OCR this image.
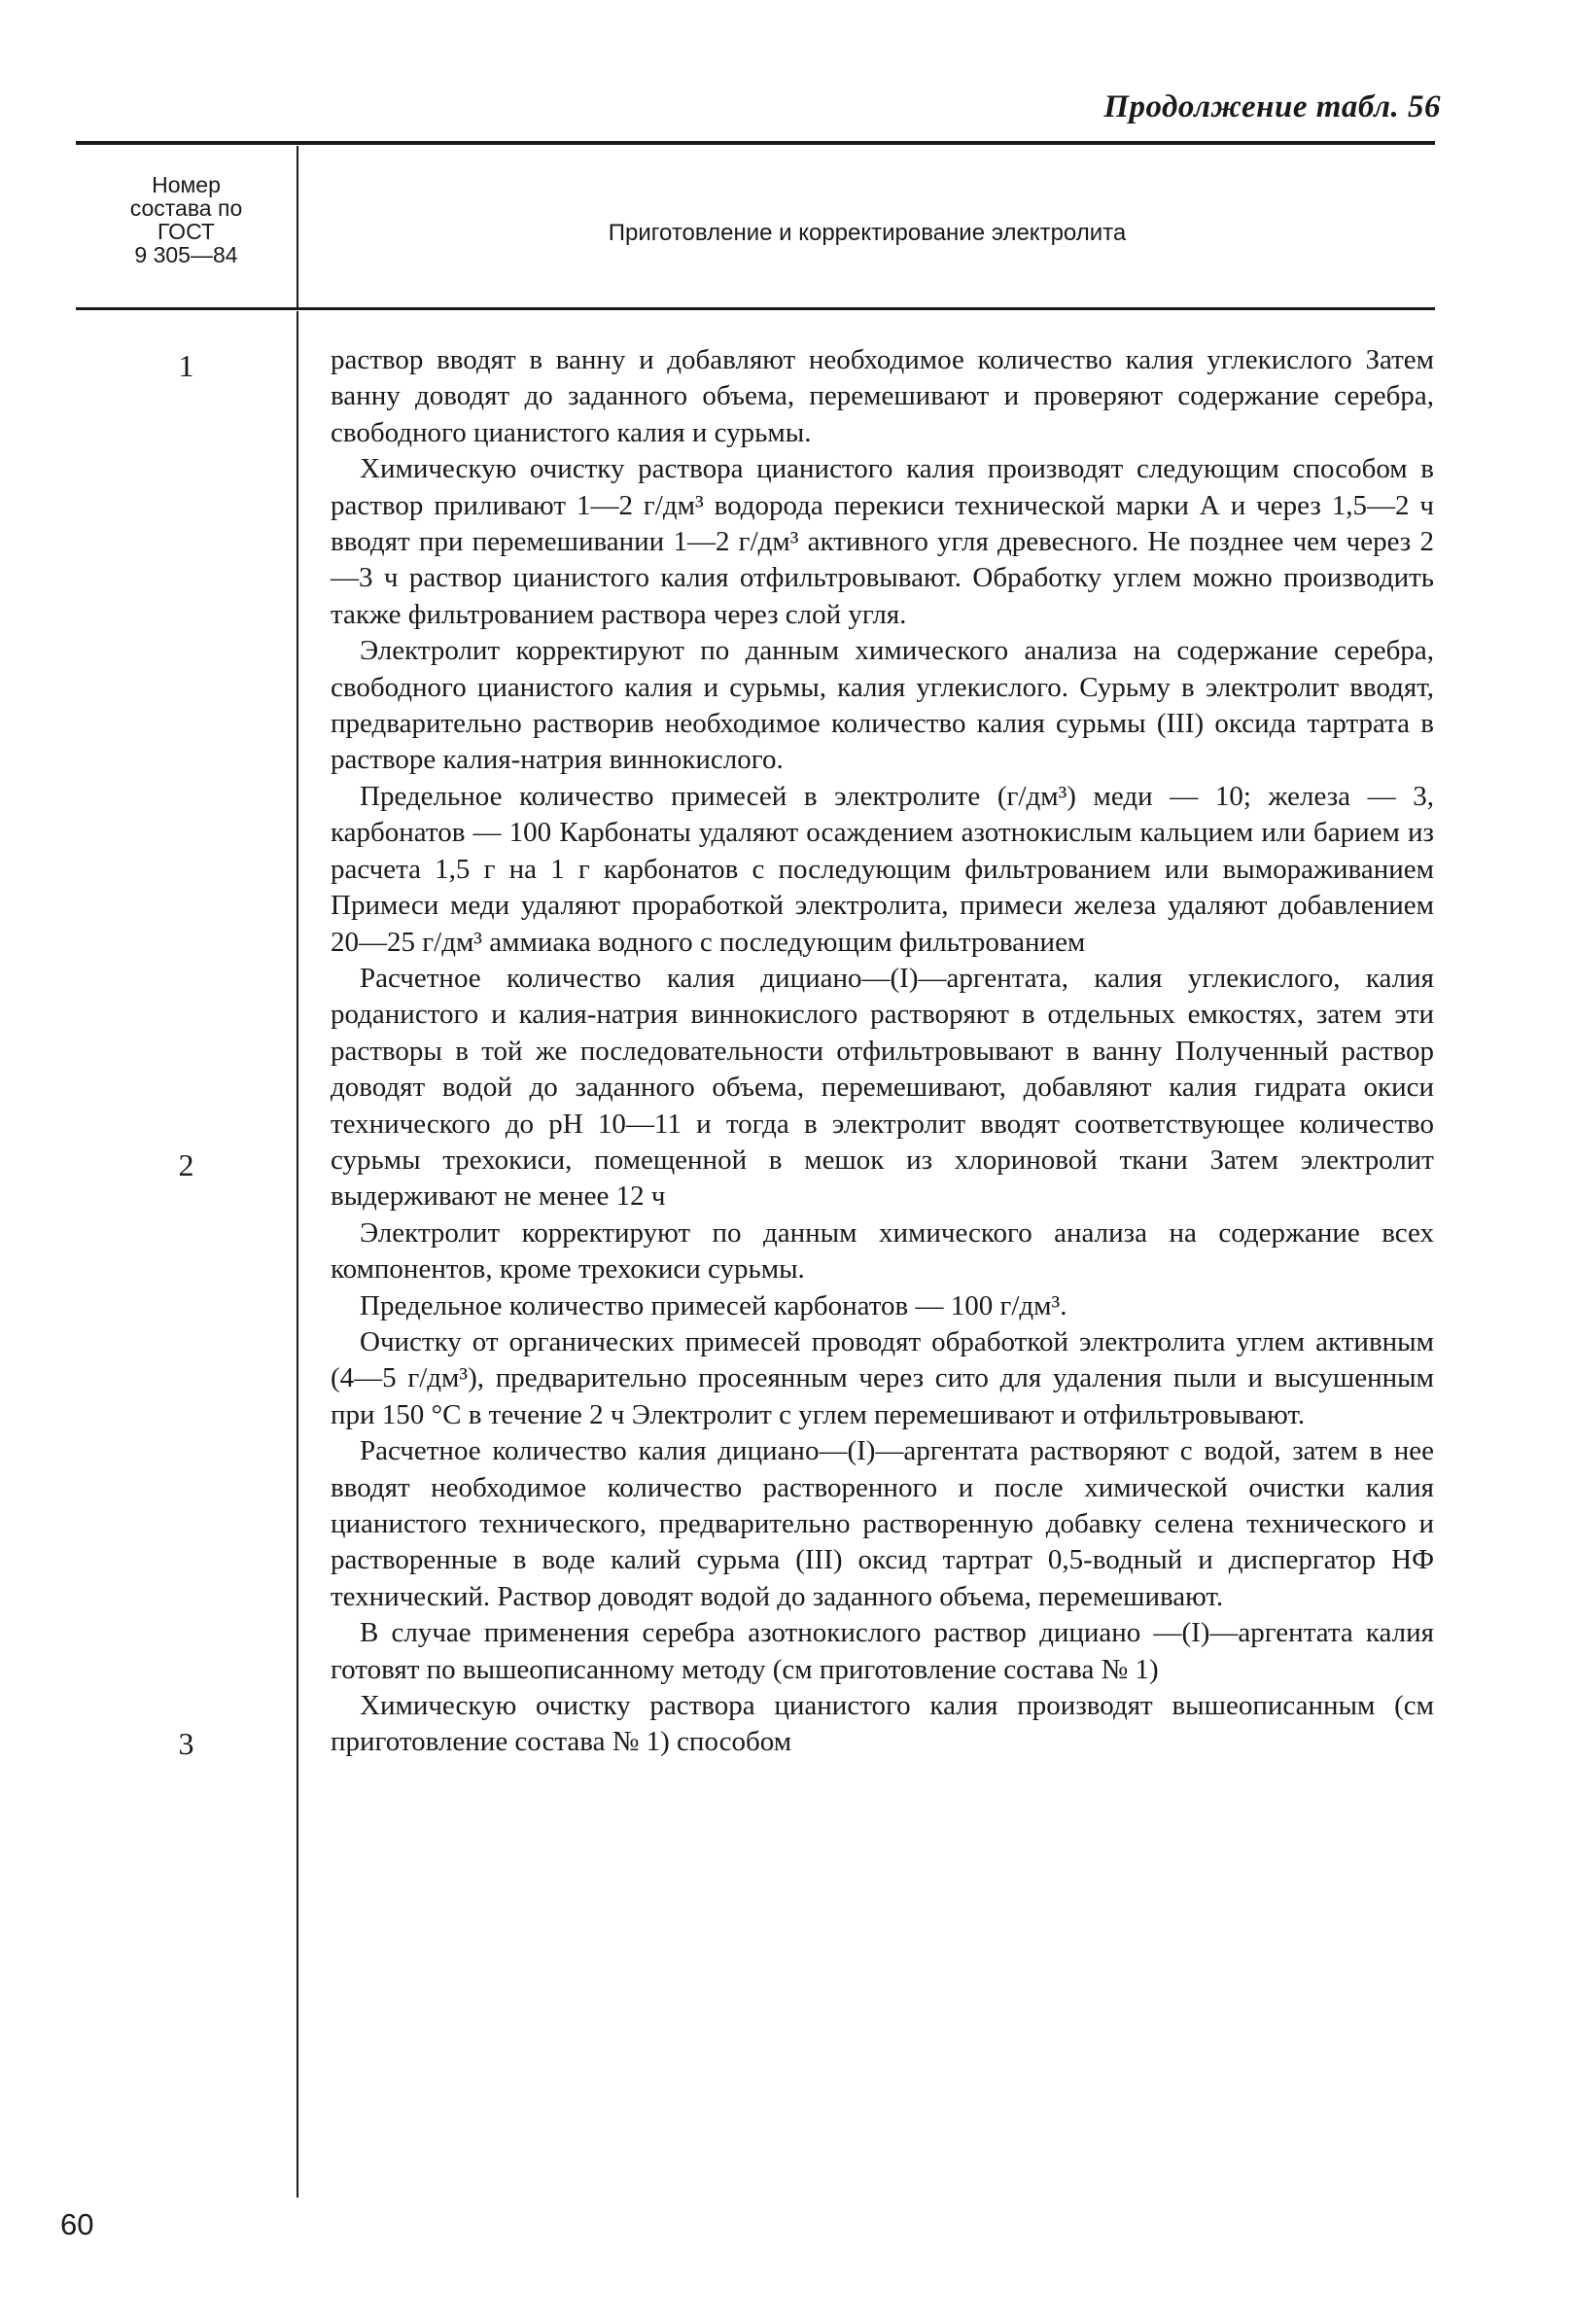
Продолжение табл. 56
Номер
состава по
ГОСТ
9 305—84
Приготовление и корректирование электролита
1
2
3

раствор вводят в ванну и добавляют необходимое количество калия углекислого Затем ванну доводят до заданного объема, перемешивают и проверяют содержание серебра, свободного цианистого калия и сурьмы.

Химическую очистку раствора цианистого калия производят следующим способом в раствор приливают 1—2 г/дм³ водорода перекиси технической марки А и через 1,5—2 ч вводят при перемешивании 1—2 г/дм³ активного угля древесного. Не позднее чем через 2—3 ч раствор цианистого калия отфильтровывают. Обработку углем можно производить также фильтрованием раствора через слой угля.

Электролит корректируют по данным химического анализа на содержание серебра, свободного цианистого калия и сурьмы, калия углекислого. Сурьму в электролит вводят, предварительно растворив необходимое количество калия сурьмы (III) оксида тартрата в растворе калия-натрия виннокислого.

Предельное количество примесей в электролите (г/дм³) меди — 10; железа — 3, карбонатов — 100 Карбонаты удаляют осаждением азотнокислым кальцием или барием из расчета 1,5 г на 1 г карбонатов с последующим фильтрованием или вымораживанием Примеси меди удаляют проработкой электролита, примеси железа удаляют добавлением 20—25 г/дм³ аммиака водного с последующим фильтрованием

Расчетное количество калия дициано—(I)—аргентата, калия углекислого, калия роданистого и калия-натрия виннокислого растворяют в отдельных емкостях, затем эти растворы в той же последовательности отфильтровывают в ванну Полученный раствор доводят водой до заданного объема, перемешивают, добавляют калия гидрата окиси технического до рН 10—11 и тогда в электролит вводят соответствующее количество сурьмы трехокиси, помещенной в мешок из хлориновой ткани Затем электролит выдерживают не менее 12 ч

Электролит корректируют по данным химического анализа на содержание всех компонентов, кроме трехокиси сурьмы.

Предельное количество примесей карбонатов — 100 г/дм³.

Очистку от органических примесей проводят обработкой электролита углем активным (4—5 г/дм³), предварительно просеянным через сито для удаления пыли и высушенным при 150 °С в течение 2 ч Электролит с углем перемешивают и отфильтровывают.

Расчетное количество калия дициано—(I)—аргентата растворяют с водой, затем в нее вводят необходимое количество растворенного и после химической очистки калия цианистого технического, предварительно растворенную добавку селена технического и растворенные в воде калий сурьма (III) оксид тартрат 0,5-водный и диспергатор НФ технический. Раствор доводят водой до заданного объема, перемешивают.

В случае применения серебра азотнокислого раствор дициано —(I)—аргентата калия готовят по вышеописанному методу (см приготовление состава № 1)

Химическую очистку раствора цианистого калия производят вышеописанным (см приготовление состава № 1) способом

60
